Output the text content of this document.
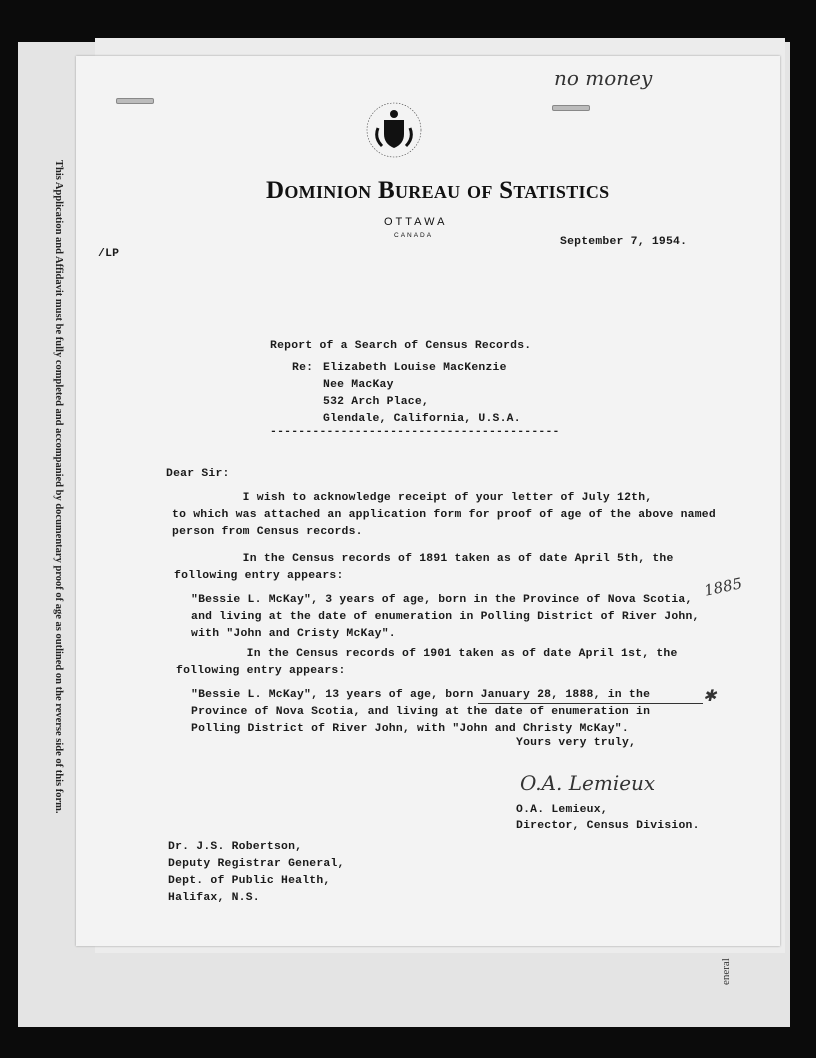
This Application and Affidavit must be fully completed and accompanied by documentary proof of age as outlined on the reverse side of this form.
eneral
no money
Dominion Bureau of Statistics
OTTAWA
CANADA
September 7, 1954.
/LP
Report of a Search of Census Records.
Re: Elizabeth Louise MacKenzie
Nee MacKay
532 Arch Place,
Glendale, California, U.S.A.
-----------------------------------------
Dear Sir:
I wish to acknowledge receipt of your letter of July 12th,
to which was attached an application form for proof of age of the above named
person from Census records.
In the Census records of 1891 taken as of date April 5th, the
following entry appears:
"Bessie L. McKay", 3 years of age, born in the Province of Nova Scotia,
and living at the date of enumeration in Polling District of River John,
with "John and Cristy McKay".
In the Census records of 1901 taken as of date April 1st, the
following entry appears:
"Bessie L. McKay", 13 years of age, born January 28, 1888, in the
Province of Nova Scotia, and living at the date of enumeration in
Polling District of River John, with "John and Christy McKay".
✱
1885
Yours very truly,
O.A. Lemieux
O.A. Lemieux,
Director, Census Division.
Dr. J.S. Robertson,
Deputy Registrar General,
Dept. of Public Health,
Halifax, N.S.
